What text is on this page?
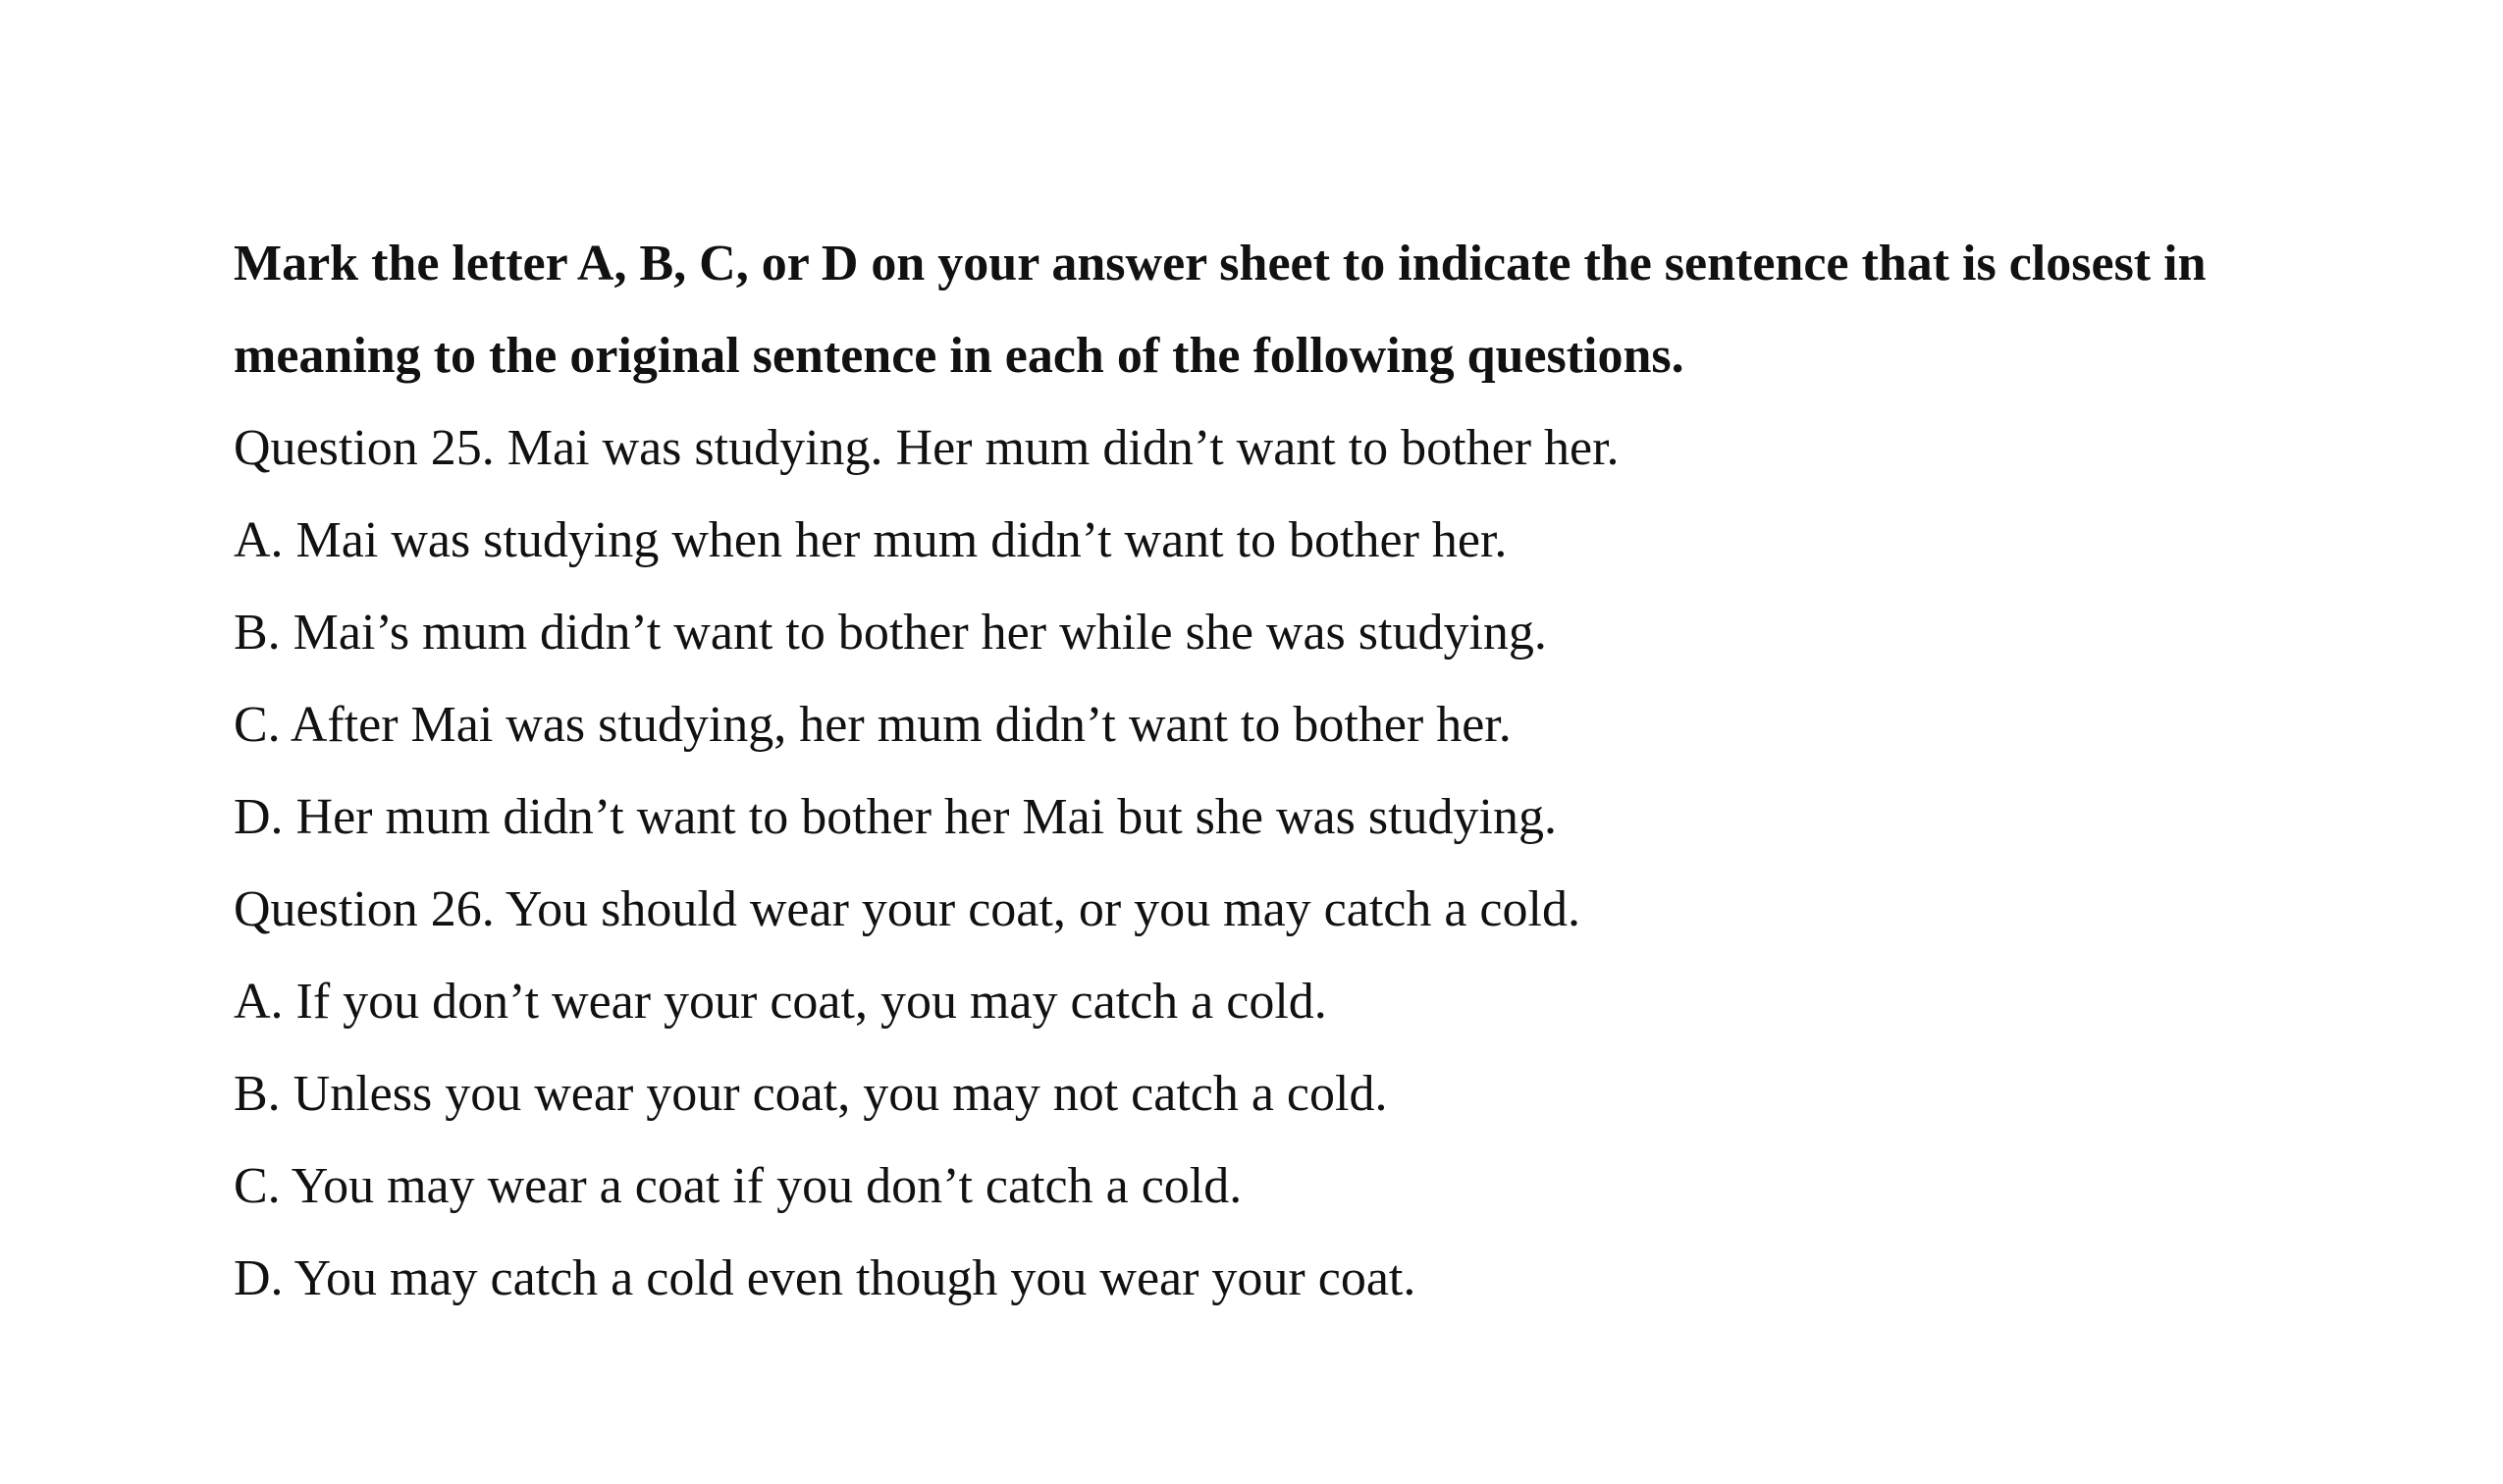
Mark the letter A, B, C, or D on your answer sheet to indicate the sentence that is closest in meaning to the original sentence in each of the following questions.

Question 25. Mai was studying. Her mum didn’t want to bother her.

A. Mai was studying when her mum didn’t want to bother her.

B. Mai’s mum didn’t want to bother her while she was studying.

C. After Mai was studying, her mum didn’t want to bother her.

D. Her mum didn’t want to bother her Mai but she was studying.

Question 26. You should wear your coat, or you may catch a cold.

A. If you don’t wear your coat, you may catch a cold.

B. Unless you wear your coat, you may not catch a cold.

C. You may wear a coat if you don’t catch a cold.

D. You may catch a cold even though you wear your coat.
